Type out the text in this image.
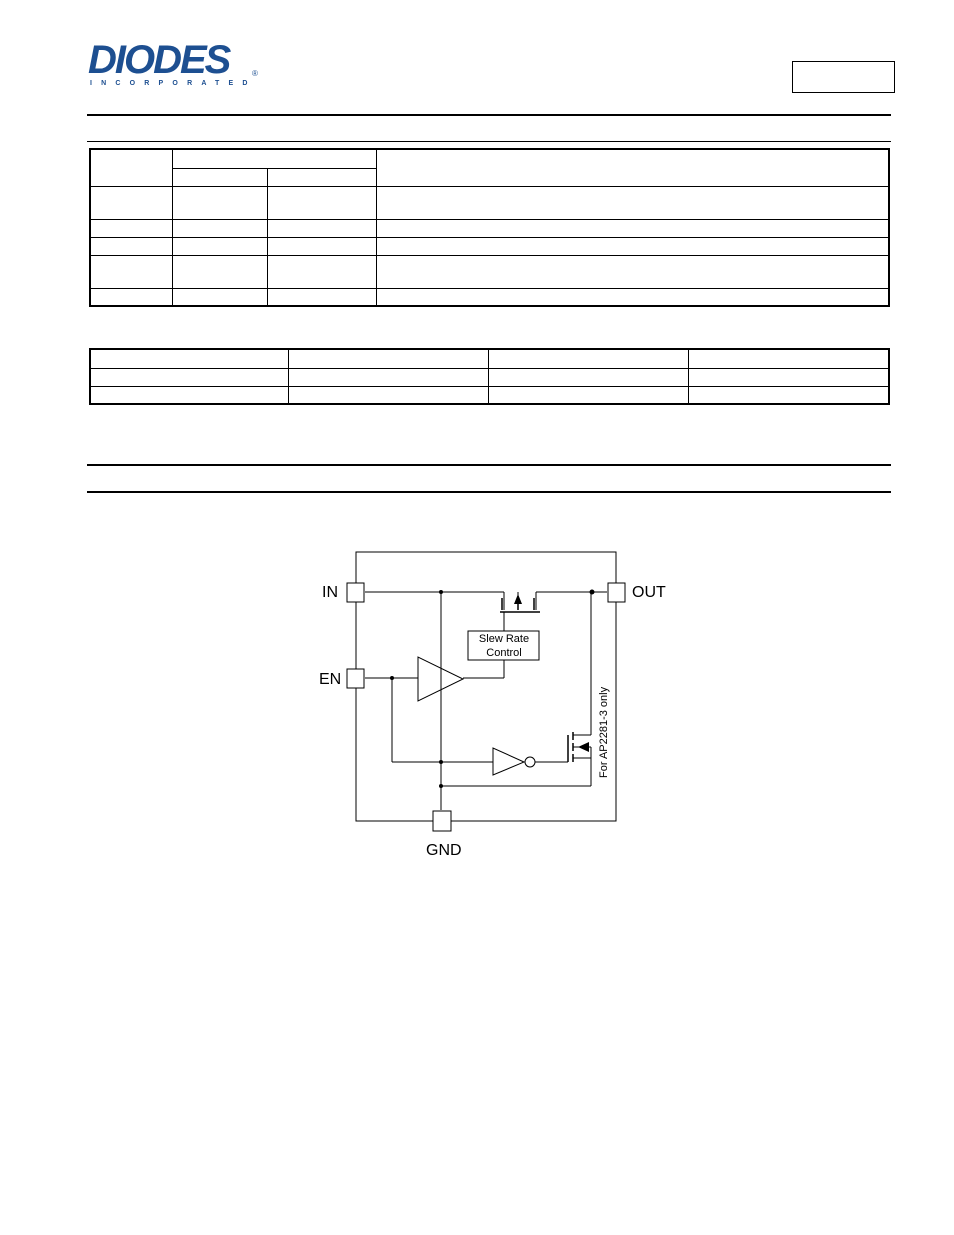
DIODES
INCORPORATED
®

IN
EN
OUT
GND
Slew Rate
Control
For AP2281-3 only
